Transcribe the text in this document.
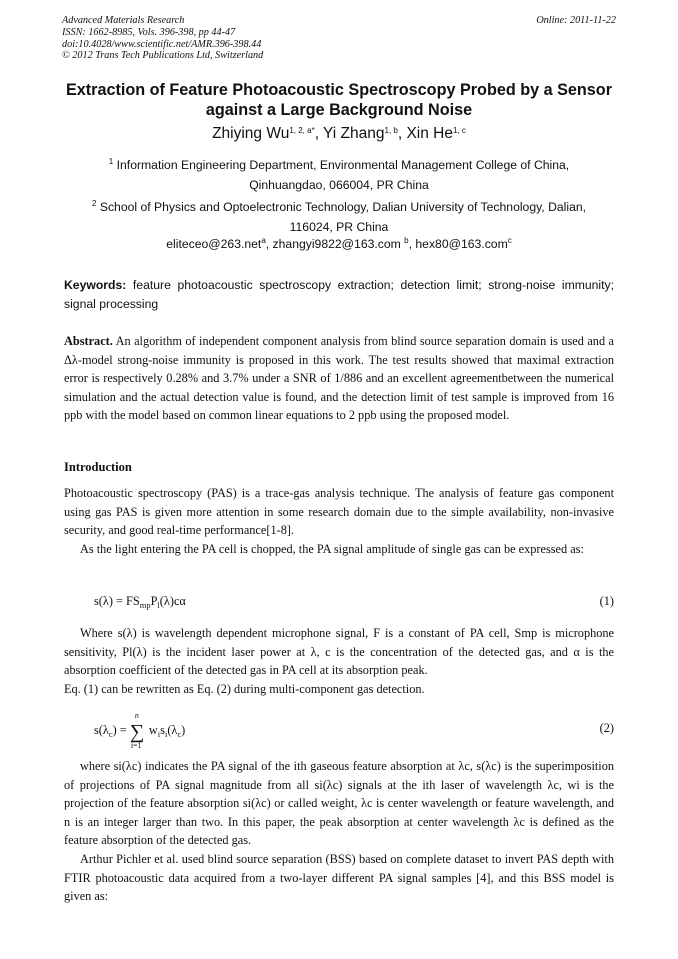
Advanced Materials Research
ISSN: 1662-8985, Vols. 396-398, pp 44-47
doi:10.4028/www.scientific.net/AMR.396-398.44
© 2012 Trans Tech Publications Ltd, Switzerland
Online: 2011-11-22
Extraction of Feature Photoacoustic Spectroscopy Probed by a Sensor against a Large Background Noise
Zhiying $Wu^{1, 2, a*}$, Yi Zhang$^{1, b}$, Xin He$^{1, c}$
$^1$ Information Engineering Department, Environmental Management College of China, Qinhuangdao, 066004, PR China
$^2$ School of Physics and Optoelectronic Technology, Dalian University of Technology, Dalian, 116024, PR China
eliteceo@263.net$^a$, zhangyi9822@163.com $^b$, hex80@163.com$^c$
Keywords: feature photoacoustic spectroscopy extraction; detection limit; strong-noise immunity; signal processing
Abstract. An algorithm of independent component analysis from blind source separation domain is used and a Δλ-model strong-noise immunity is proposed in this work. The test results showed that maximal extraction error is respectively 0.28% and 3.7% under a SNR of 1/886 and an excellent agreementbetween the numerical simulation and the actual detection value is found, and the detection limit of test sample is improved from 16 ppb with the model based on common linear equations to 2 ppb using the proposed model.
Introduction

Photoacoustic spectroscopy (PAS) is a trace-gas analysis technique. The analysis of feature gas component using gas PAS is given more attention in some research domain due to the simple availability, non-invasive security, and good real-time performance[1-8].

As the light entering the PA cell is chopped, the PA signal amplitude of single gas can be expressed as:

$s(\lambda) = FS_{mp}P_l(\lambda)c\alpha$	(1)

Where s(λ) is wavelength dependent microphone signal, F is a constant of PA cell, Smp is microphone sensitivity, Pl(λ) is the incident laser power at λ, c is the concentration of the detected gas, and α is the absorption coefficient of the detected gas in PA cell at its absorption peak.

Eq. (1) can be rewritten as Eq. (2) during multi-component gas detection.

$s(\lambda_c)$ =
n
∑
i=1
$w_is_i(\lambda_c)$	(2)

where si(λc) indicates the PA signal of the ith gaseous feature absorption at λc, s(λc) is the superimposition of projections of PA signal magnitude from all si(λc) signals at the ith laser of wavelength λc, wi is the projection of the feature absorption si(λc) or called weight, λc is center wavelength or feature wavelength, and n is an integer larger than two. In this paper, the peak absorption at center wavelength λc is defined as the feature absorption of the detected gas.

Arthur Pichler et al. used blind source separation (BSS) based on complete dataset to invert PAS depth with FTIR photoacoustic data acquired from a two-layer different PA signal samples [4], and this BSS model is given as:
